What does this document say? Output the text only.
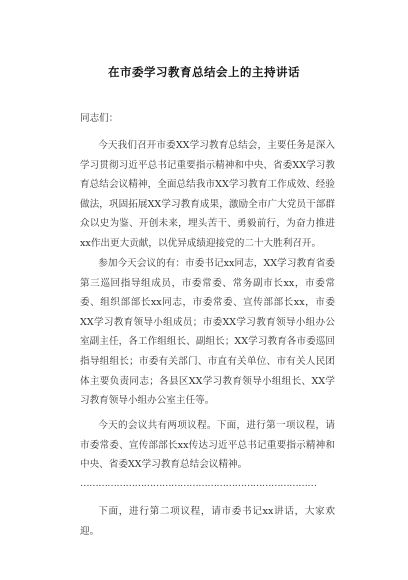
在市委学习教育总结会上的主持讲话
同志们：

今天我们召开市委XX学习教育总结会，主要任务是深入学习贯彻习近平总书记重要指示精神和中央、省委XX学习教育总结会议精神，全面总结我市XX学习教育工作成效、经验做法，巩固拓展XX学习教育成果，激励全市广大党员干部群众以史为鉴、开创未来，埋头苦干、勇毅前行，为奋力推进xx作出更大贡献，以优异成绩迎接党的二十大胜利召开。

参加今天会议的有：市委书记xx同志，XX学习教育省委第三巡回指导组成员，市委常委、常务副市长xx，市委常委、组织部部长xx同志，市委常委、宣传部部长xx，市委XX学习教育领导小组成员；市委XX学习教育领导小组办公室副主任，各工作组组长、副组长；XX学习教育各市委巡回指导组组长；市委有关部门、市直有关单位、市有关人民团体主要负责同志；各县区XX学习教育领导小组组长、XX学习教育领导小组办公室主任等。

今天的会议共有两项议程。下面，进行第一项议程，请市委常委、宣传部部长xx传达习近平总书记重要指示精神和中央、省委XX学习教育总结会议精神。

……………………………………………………………………

下面，进行第二项议程，请市委书记xx讲话，大家欢迎。
